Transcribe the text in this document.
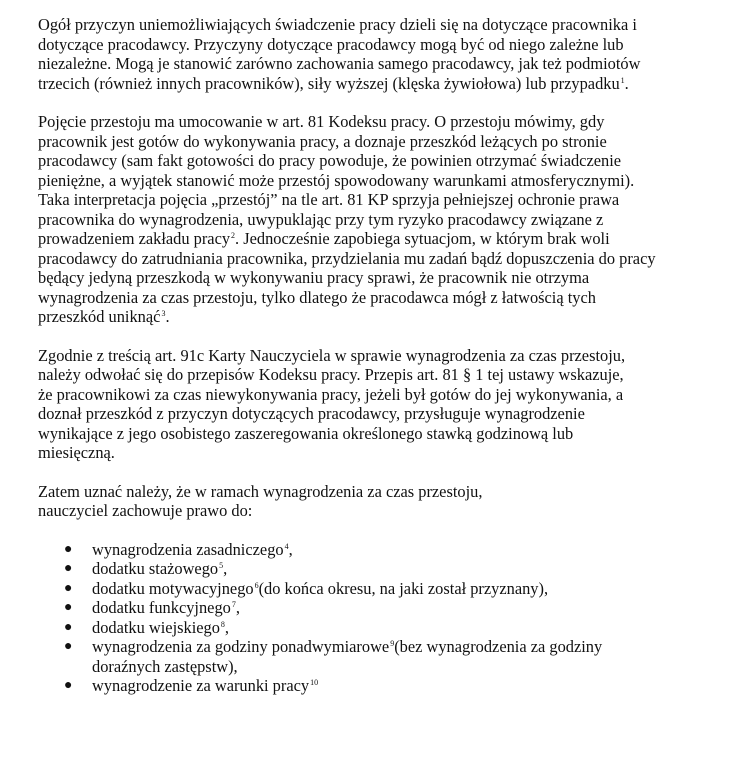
Ogół przyczyn uniemożliwiających świadczenie pracy dzieli się na dotyczące pracownika i
dotyczące pracodawcy. Przyczyny dotyczące pracodawcy mogą być od niego zależne lub
niezależne. Mogą je stanowić zarówno zachowania samego pracodawcy, jak też podmiotów
trzecich (również innych pracowników), siły wyższej (klęska żywiołowa) lub przypadku$^1$.
Pojęcie przestoju ma umocowanie w art. 81 Kodeksu pracy. O przestoju mówimy, gdy
pracownik jest gotów do wykonywania pracy, a doznaje przeszkód leżących po stronie
pracodawcy (sam fakt gotowości do pracy powoduje, że powinien otrzymać świadczenie
pieniężne, a wyjątek stanowić może przestój spowodowany warunkami atmosferycznymi).
Taka interpretacja pojęcia „przestój” na tle art. 81 KP sprzyja pełniejszej ochronie prawa
pracownika do wynagrodzenia, uwypuklając przy tym ryzyko pracodawcy związane z
prowadzeniem zakładu pracy$^2$. Jednocześnie zapobiega sytuacjom, w którym brak woli
pracodawcy do zatrudniania pracownika, przydzielania mu zadań bądź dopuszczenia do pracy
będący jedyną przeszkodą w wykonywaniu pracy sprawi, że pracownik nie otrzyma
wynagrodzenia za czas przestoju, tylko dlatego że pracodawca mógł z łatwością tych
przeszkód uniknąć$^3$.
Zgodnie z treścią art. 91c Karty Nauczyciela w sprawie wynagrodzenia za czas przestoju,
należy odwołać się do przepisów Kodeksu pracy. Przepis art. 81 § 1 tej ustawy wskazuje,
że pracownikowi za czas niewykonywania pracy, jeżeli był gotów do jej wykonywania, a
doznał przeszkód z przyczyn dotyczących pracodawcy, przysługuje wynagrodzenie
wynikające z jego osobistego zaszeregowania określonego stawką godzinową lub
miesięczną.
Zatem uznać należy, że w ramach wynagrodzenia za czas przestoju,
nauczyciel zachowuje prawo do:
● wynagrodzenia zasadniczego$^4$,
● dodatku stażowego$^5$,
● dodatku motywacyjnego$^6$(do końca okresu, na jaki został przyznany),
● dodatku funkcyjnego$^7$,
● dodatku wiejskiego$^8$,
● wynagrodzenia za godziny ponadwymiarowe$^9$(bez wynagrodzenia za godziny
doraźnych zastępstw),
● wynagrodzenie za warunki pracy$^{10}$
